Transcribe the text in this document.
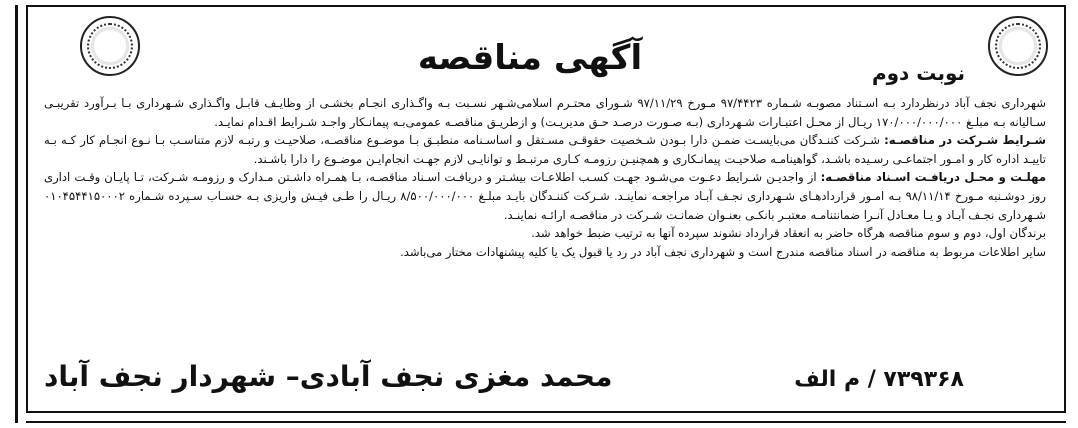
آگهی مناقصه	نوبت دوم

شهرداری نجف آباد درنظردارد بـه اسـتناد مصوبـه شـماره ۹۷/۴۴۲۳ مـورخ ۹۷/۱۱/۲۹ شـورای محتـرم اسلامی‌شـهر نسـبت بـه واگـذاری انجـام بخشـی از وظایـف قابـل واگـذاری شـهرداری بـا بـرآورد تقریبـی سـالیانه بـه مبلـغ ۱۷۰/۰۰۰/۰۰۰/۰۰۰ ریـال از محـل اعتبـارات شـهرداری (بـه صـورت درصـد حـق مدیریـت) و ازطریـق مناقصـه عمومی‌بـه پیمانـکار واجـد شـرایط اقـدام نمایـد.

شـرایط شـرکت در مناقصـه: شـرکت کننـدگان می‌بایسـت ضمـن دارا بـودن شـخصیت حقوقـی مسـتقل و اساسـنامه منطبـق بـا موضـوع مناقصـه، صلاحیـت و رتبـه لازم متناسـب بـا نـوع انجـام کار کـه بـه تاییـد اداره کار و امـور اجتماعـی رسـیده باشـد، گواهینامـه صلاحیـت پیمانـکاری و همچنیـن رزومـه کـاری مرتبـط و توانایـی لازم جهـت انجام‌ایـن موضـوع را دارا باشـند.

مهلـت و محـل دریافـت اسـناد مناقصـه: از واجدیـن شـرایط دعـوت می‌شـود جهـت کسـب اطلاعـات بیشـتر و دریافـت اسـناد مناقصـه، بـا همـراه داشـتن مـدارک و رزومـه شـرکت، تـا پایـان وقـت اداری روز دوشـنبه مـورخ ۹۸/۱۱/۱۴ بـه امـور قراردادهـای شـهرداری نجـف آبـاد مراجعـه نماینـد. شـرکت کننـدگان بایـد مبلـغ ۸/۵۰۰/۰۰۰/۰۰۰ ریـال را طـی فیـش واریزی بـه حسـاب سـپرده شـماره ۰۱۰۴۵۴۴۱۵۰۰۰۲ شـهرداری نجـف آبـاد و یـا معـادل آنـرا ضمانتنامـه معتبـر بانکـی بعنـوان ضمانـت شـرکت در مناقصـه ارائـه نماینـد.

برندگان اول، دوم و سوم مناقصه هرگاه حاضر به انعقاد قرارداد نشوند سپرده آنها به ترتیب ضبط خواهد شد.

سایر اطلاعات مربوط به مناقصه در اسناد مناقصه مندرج است و شهرداری نجف آباد در رد یا قبول یک یا کلیه پیشنهادات مختار می‌باشد.

محمد مغزی نجف آبادی– شهردار نجف آباد	۷۳۹۳۶۸ / م الف
